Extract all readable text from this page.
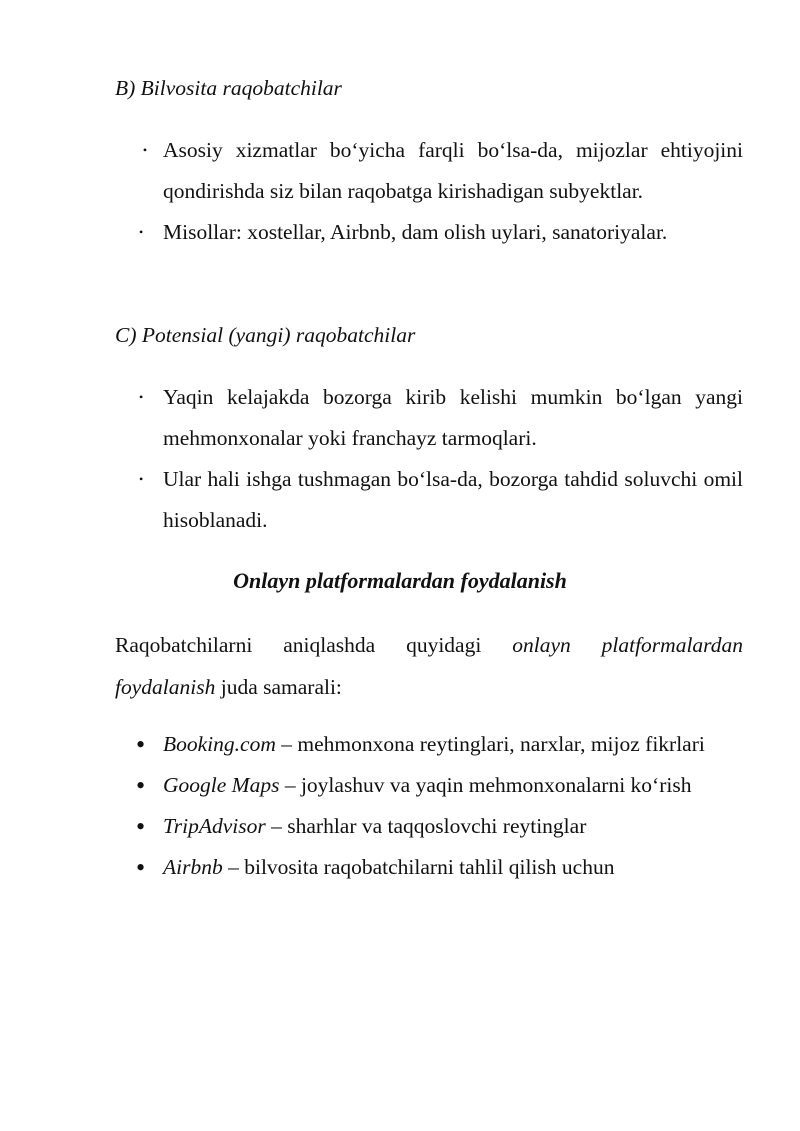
B) Bilvosita raqobatchilar
• Asosiy xizmatlar bo‘yicha farqli bo‘lsa-da, mijozlar ehtiyojini qondirishda siz bilan raqobatga kirishadigan subyektlar.
• Misollar: xostellar, Airbnb, dam olish uylari, sanatoriyalar.
C) Potensial (yangi) raqobatchilar
• Yaqin kelajakda bozorga kirib kelishi mumkin bo‘lgan yangi mehmonxonalar yoki franchayz tarmoqlari.
• Ular hali ishga tushmagan bo‘lsa-da, bozorga tahdid soluvchi omil hisoblanadi.
Onlayn platformalardan foydalanish
Raqobatchilarni aniqlashda quyidagi onlayn platformalardan foydalanish juda samarali:
• Booking.com – mehmonxona reytinglari, narxlar, mijoz fikrlari
• Google Maps – joylashuv va yaqin mehmonxonalarni ko‘rish
• TripAdvisor – sharhlar va taqqoslovchi reytinglar
• Airbnb – bilvosita raqobatchilarni tahlil qilish uchun
